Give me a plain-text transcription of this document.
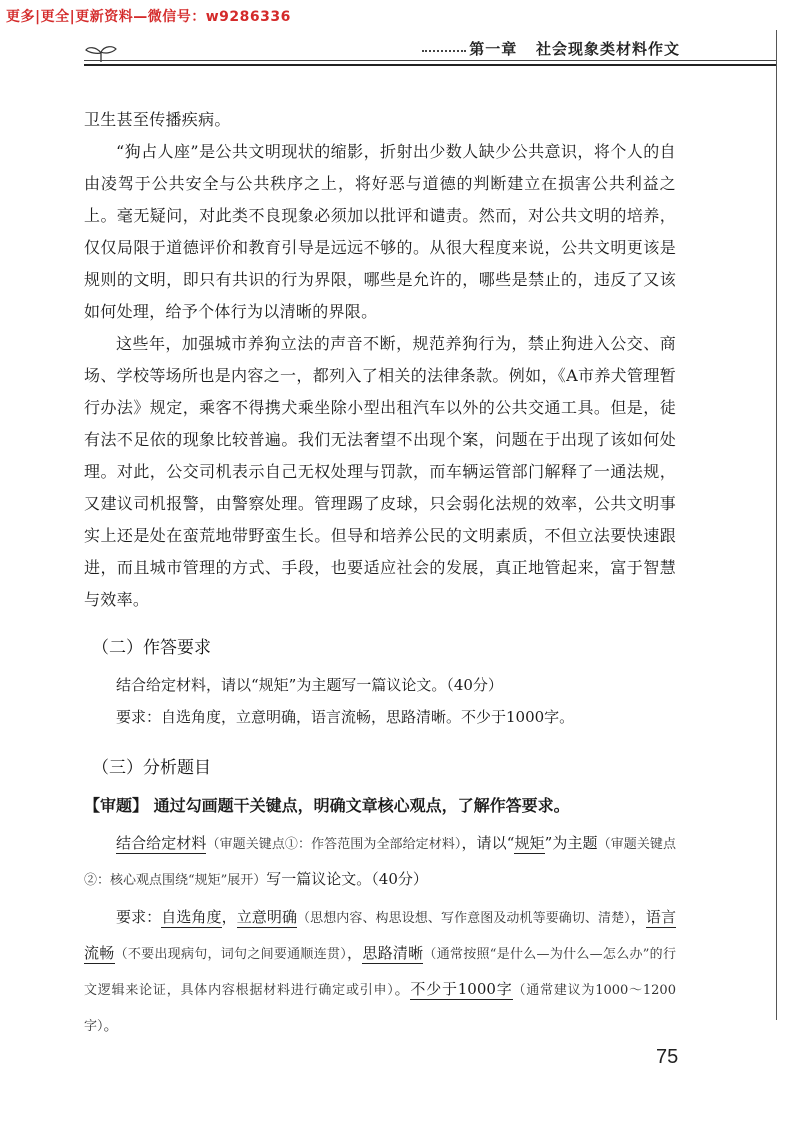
更多|更全|更新资料—微信号：w9286336
第一章 社会现象类材料作文

卫生甚至传播疾病。

“狗占人座”是公共文明现状的缩影，折射出少数人缺少公共意识，将个人的自由凌驾于公共安全与公共秩序之上，将好恶与道德的判断建立在损害公共利益之上。毫无疑问，对此类不良现象必须加以批评和谴责。然而，对公共文明的培养，仅仅局限于道德评价和教育引导是远远不够的。从很大程度来说，公共文明更该是规则的文明，即只有共识的行为界限，哪些是允许的，哪些是禁止的，违反了又该如何处理，给予个体行为以清晰的界限。

这些年，加强城市养狗立法的声音不断，规范养狗行为，禁止狗进入公交、商场、学校等场所也是内容之一，都列入了相关的法律条款。例如，《A市养犬管理暂行办法》规定，乘客不得携犬乘坐除小型出租汽车以外的公共交通工具。但是，徒有法不足依的现象比较普遍。我们无法奢望不出现个案，问题在于出现了该如何处理。对此，公交司机表示自己无权处理与罚款，而车辆运管部门解释了一通法规，又建议司机报警，由警察处理。管理踢了皮球，只会弱化法规的效率，公共文明事实上还是处在蛮荒地带野蛮生长。但导和培养公民的文明素质，不但立法要快速跟进，而且城市管理的方式、手段，也要适应社会的发展，真正地管起来，富于智慧与效率。

（二）作答要求

结合给定材料，请以“规矩”为主题写一篇议论文。（40分）

要求：自选角度，立意明确，语言流畅，思路清晰。不少于1000字。

（三）分析题目

【审题】 通过勾画题干关键点，明确文章核心观点，了解作答要求。

结合给定材料（审题关键点①：作答范围为全部给定材料），请以“规矩”为主题（审题关键点②：核心观点围绕“规矩”展开）写一篇议论文。（40分）

要求：自选角度，立意明确（思想内容、构思设想、写作意图及动机等要确切、清楚），语言流畅（不要出现病句，词句之间要通顺连贯），思路清晰（通常按照“是什么—为什么—怎么办”的行文逻辑来论证，具体内容根据材料进行确定或引申）。不少于1000字（通常建议为1000～1200字）。

75
